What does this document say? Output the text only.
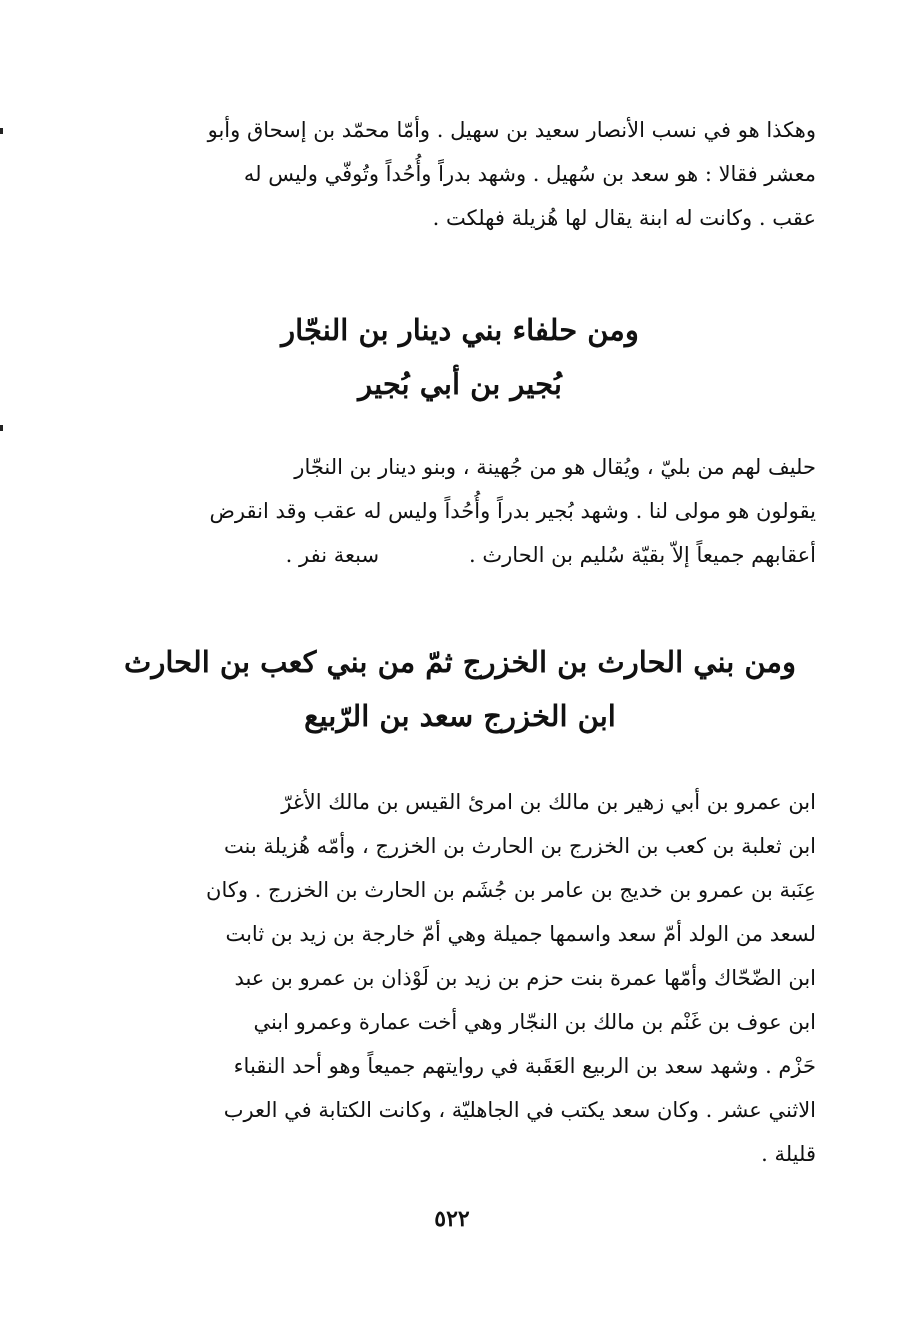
وهكذا هو في نسب الأنصار سعيد بن سهيل . وأمّا محمّد بن إسحاق وأبو
معشر فقالا : هو سعد بن سُهيل . وشهد بدراً وأُحُداً وتُوفّي وليس له
عقب . وكانت له ابنة يقال لها هُزيلة فهلكت .
ومن حلفاء بني دينار بن النجّار
بُجير بن أبي بُجير
حليف لهم من بليّ ، ويُقال هو من جُهينة ، وبنو دينار بن النجّار
يقولون هو مولى لنا . وشهد بُجير بدراً وأُحُداً وليس له عقب وقد انقرض
أعقابهم جميعاً إلاّ بقيّة سُليم بن الحارث .
سبعة نفر .
ومن بني الحارث بن الخزرج ثمّ من بني كعب بن الحارث
ابن الخزرج سعد بن الرّبيع
ابن عمرو بن أبي زهير بن مالك بن امرئ القيس بن مالك الأغرّ
ابن ثعلبة بن كعب بن الخزرج بن الحارث بن الخزرج ، وأمّه هُزيلة بنت
عِنَبة بن عمرو بن خديج بن عامر بن جُشَم بن الحارث بن الخزرج . وكان
لسعد من الولد أمّ سعد واسمها جميلة وهي أمّ خارجة بن زيد بن ثابت
ابن الضّحّاك وأمّها عمرة بنت حزم بن زيد بن لَوْذان بن عمرو بن عبد
ابن عوف بن غَنْم بن مالك بن النجّار وهي أخت عمارة وعمرو ابني
حَزْم . وشهد سعد بن الربيع العَقَبة في روايتهم جميعاً وهو أحد النقباء
الاثني عشر . وكان سعد يكتب في الجاهليّة ، وكانت الكتابة في العرب
قليلة .
٥٢٢
